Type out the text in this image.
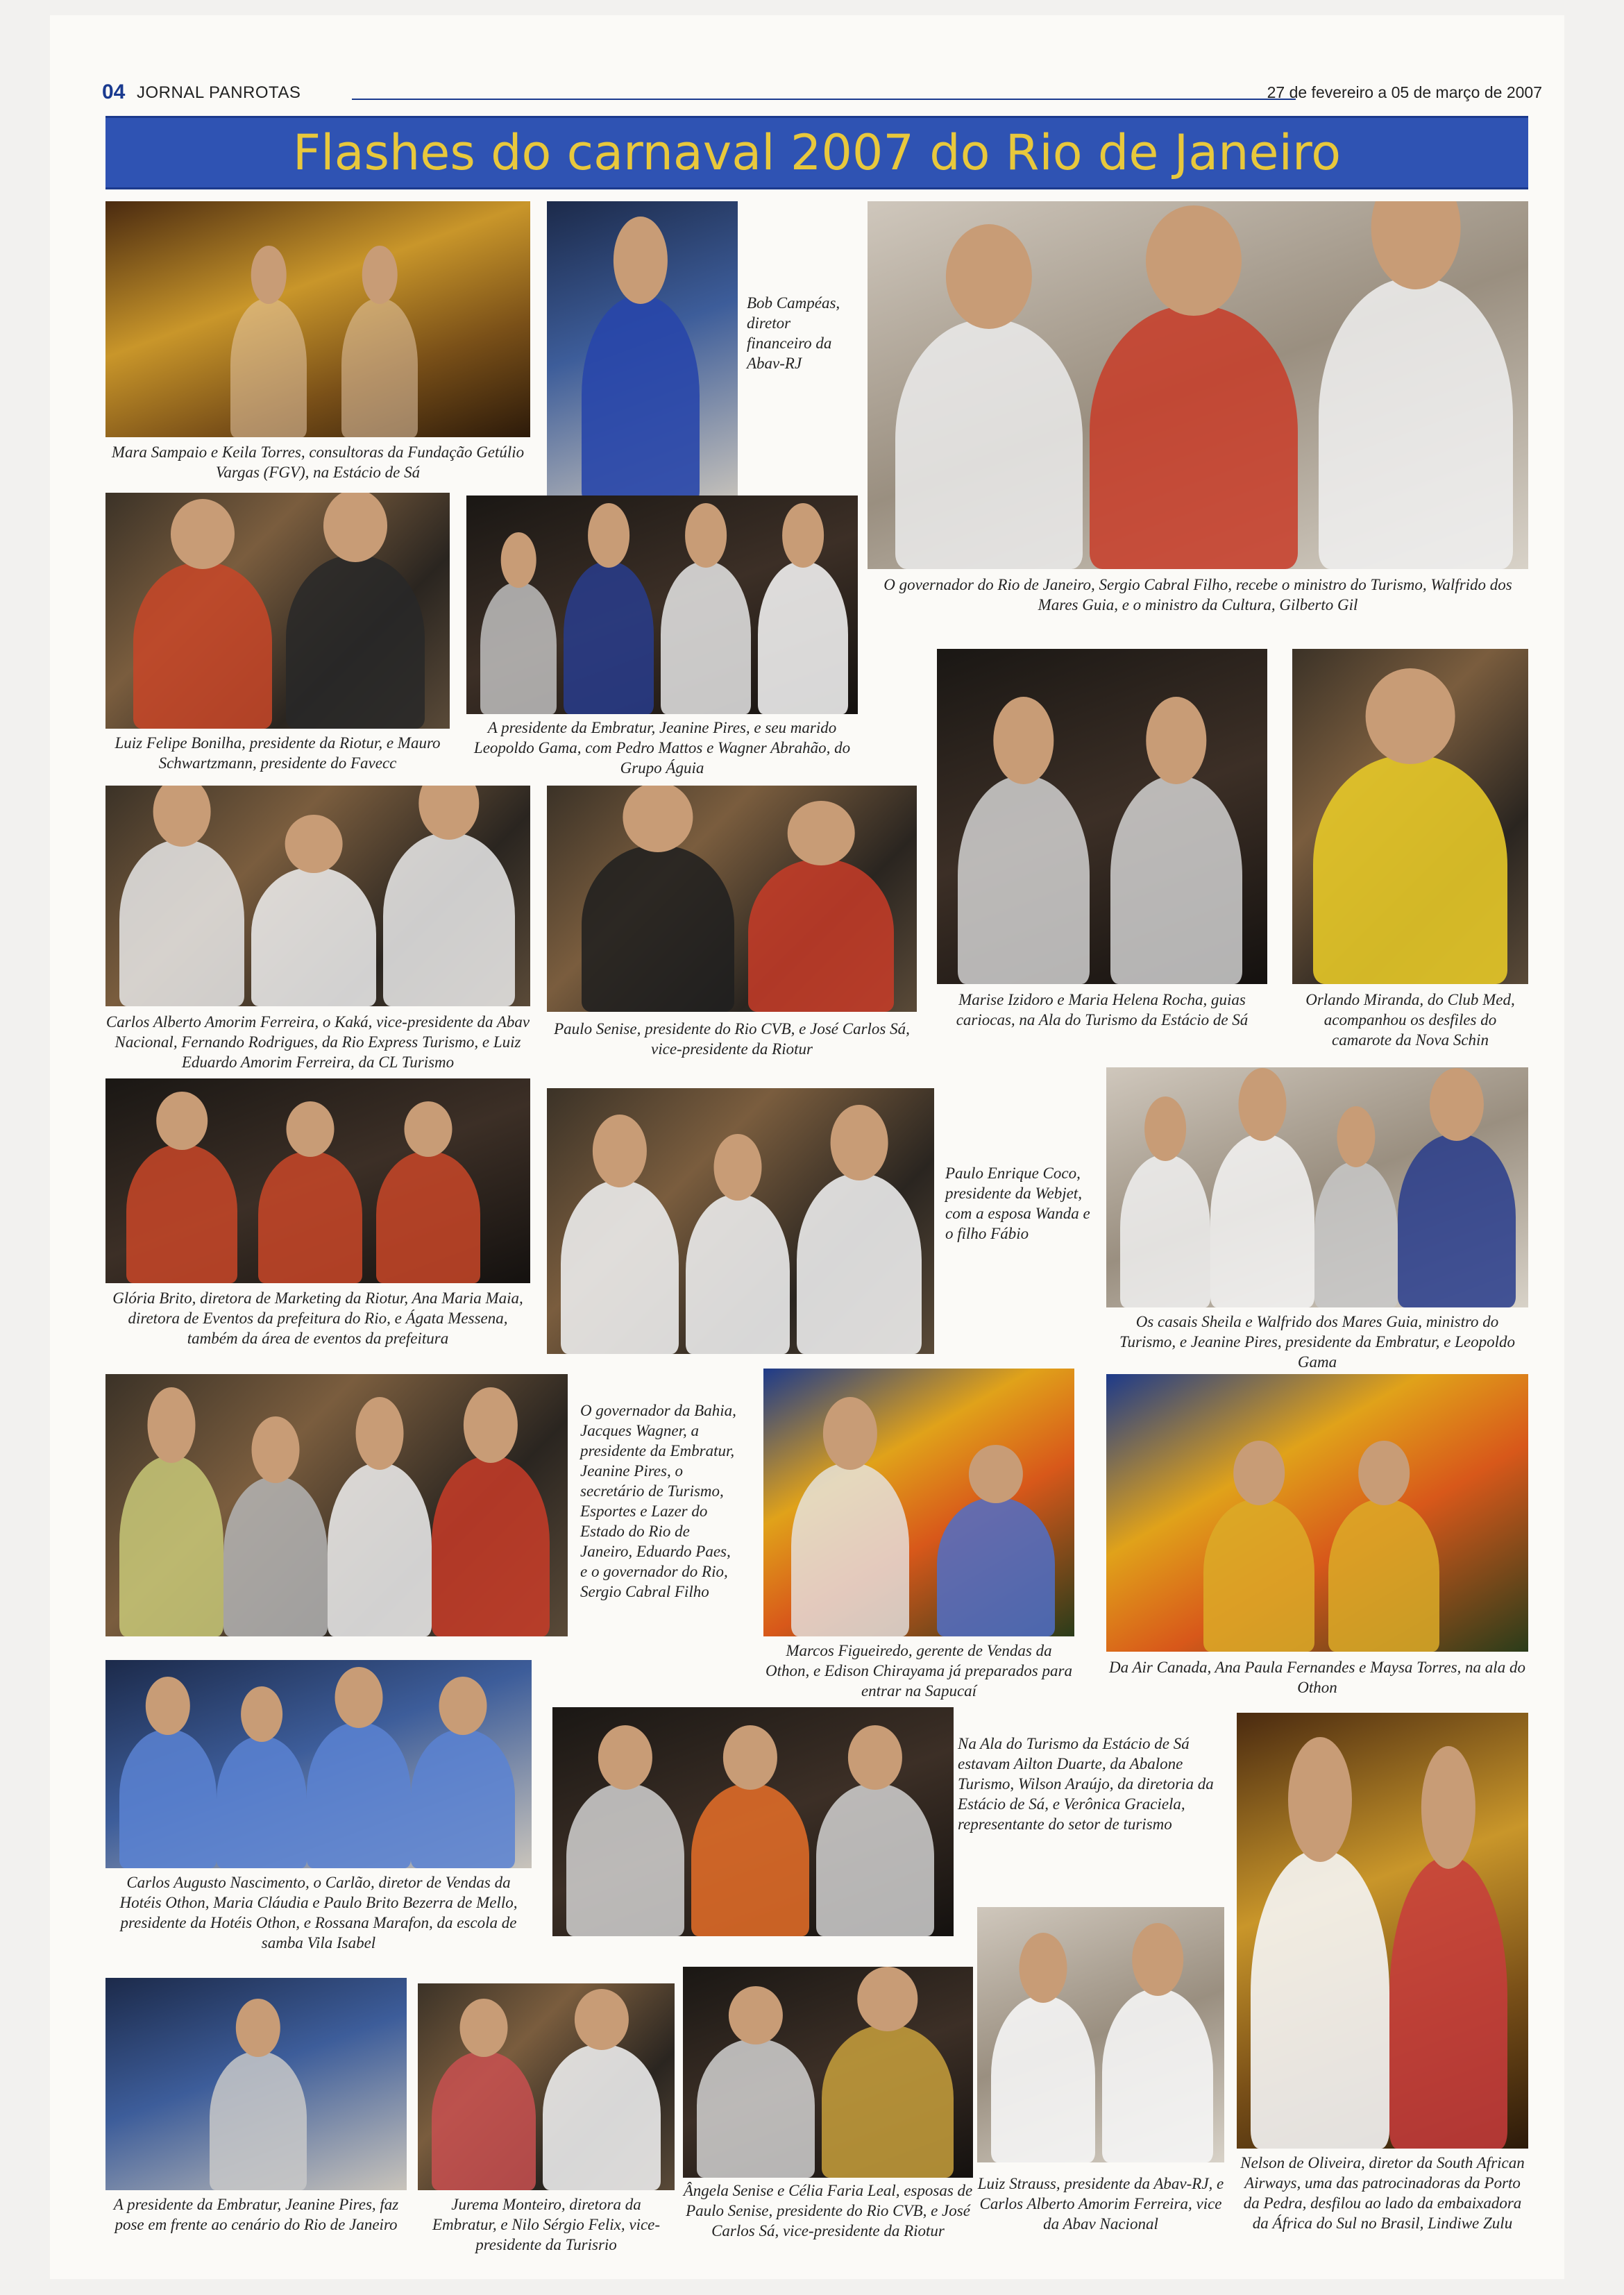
04 JORNAL PANROTAS	27 de fevereiro a 05 de março de 2007
Flashes do carnaval 2007 do Rio de Janeiro

Mara Sampaio e Keila Torres, consultoras da Fundação Getúlio Vargas (FGV), na Estácio de Sá

Bob Campéas, diretor financeiro da Abav-RJ

O governador do Rio de Janeiro, Sergio Cabral Filho, recebe o ministro do Turismo, Walfrido dos Mares Guia, e o ministro da Cultura, Gilberto Gil

Luiz Felipe Bonilha, presidente da Riotur, e Mauro Schwartzmann, presidente do Favecc

A presidente da Embratur, Jeanine Pires, e seu marido Leopoldo Gama, com Pedro Mattos e Wagner Abrahão, do Grupo Águia

Carlos Alberto Amorim Ferreira, o Kaká, vice-presidente da Abav Nacional, Fernando Rodrigues, da Rio Express Turismo, e Luiz Eduardo Amorim Ferreira, da CL Turismo

Paulo Senise, presidente do Rio CVB, e José Carlos Sá, vice-presidente da Riotur

Marise Izidoro e Maria Helena Rocha, guias cariocas, na Ala do Turismo da Estácio de Sá

Orlando Miranda, do Club Med, acompanhou os desfiles do camarote da Nova Schin

Glória Brito, diretora de Marketing da Riotur, Ana Maria Maia, diretora de Eventos da prefeitura do Rio, e Ágata Messena, também da área de eventos da prefeitura

Paulo Enrique Coco, presidente da Webjet, com a esposa Wanda e o filho Fábio

Os casais Sheila e Walfrido dos Mares Guia, ministro do Turismo, e Jeanine Pires, presidente da Embratur, e Leopoldo Gama

O governador da Bahia, Jacques Wagner, a presidente da Embratur, Jeanine Pires, o secretário de Turismo, Esportes e Lazer do Estado do Rio de Janeiro, Eduardo Paes, e o governador do Rio, Sergio Cabral Filho

Marcos Figueiredo, gerente de Vendas da Othon, e Edison Chirayama já preparados para entrar na Sapucaí

Da Air Canada, Ana Paula Fernandes e Maysa Torres, na ala do Othon

Carlos Augusto Nascimento, o Carlão, diretor de Vendas da Hotéis Othon, Maria Cláudia e Paulo Brito Bezerra de Mello, presidente da Hotéis Othon, e Rossana Marafon, da escola de samba Vila Isabel

Na Ala do Turismo da Estácio de Sá estavam Ailton Duarte, da Abalone Turismo, Wilson Araújo, da diretoria da Estácio de Sá, e Verônica Graciela, representante do setor de turismo

Nelson de Oliveira, diretor da South African Airways, uma das patrocinadoras da Porto da Pedra, desfilou ao lado da embaixadora da África do Sul no Brasil, Lindiwe Zulu

A presidente da Embratur, Jeanine Pires, faz pose em frente ao cenário do Rio de Janeiro

Jurema Monteiro, diretora da Embratur, e Nilo Sérgio Felix, vice-presidente da Turisrio

Ângela Senise e Célia Faria Leal, esposas de Paulo Senise, presidente do Rio CVB, e José Carlos Sá, vice-presidente da Riotur

Luiz Strauss, presidente da Abav-RJ, e Carlos Alberto Amorim Ferreira, vice da Abav Nacional
